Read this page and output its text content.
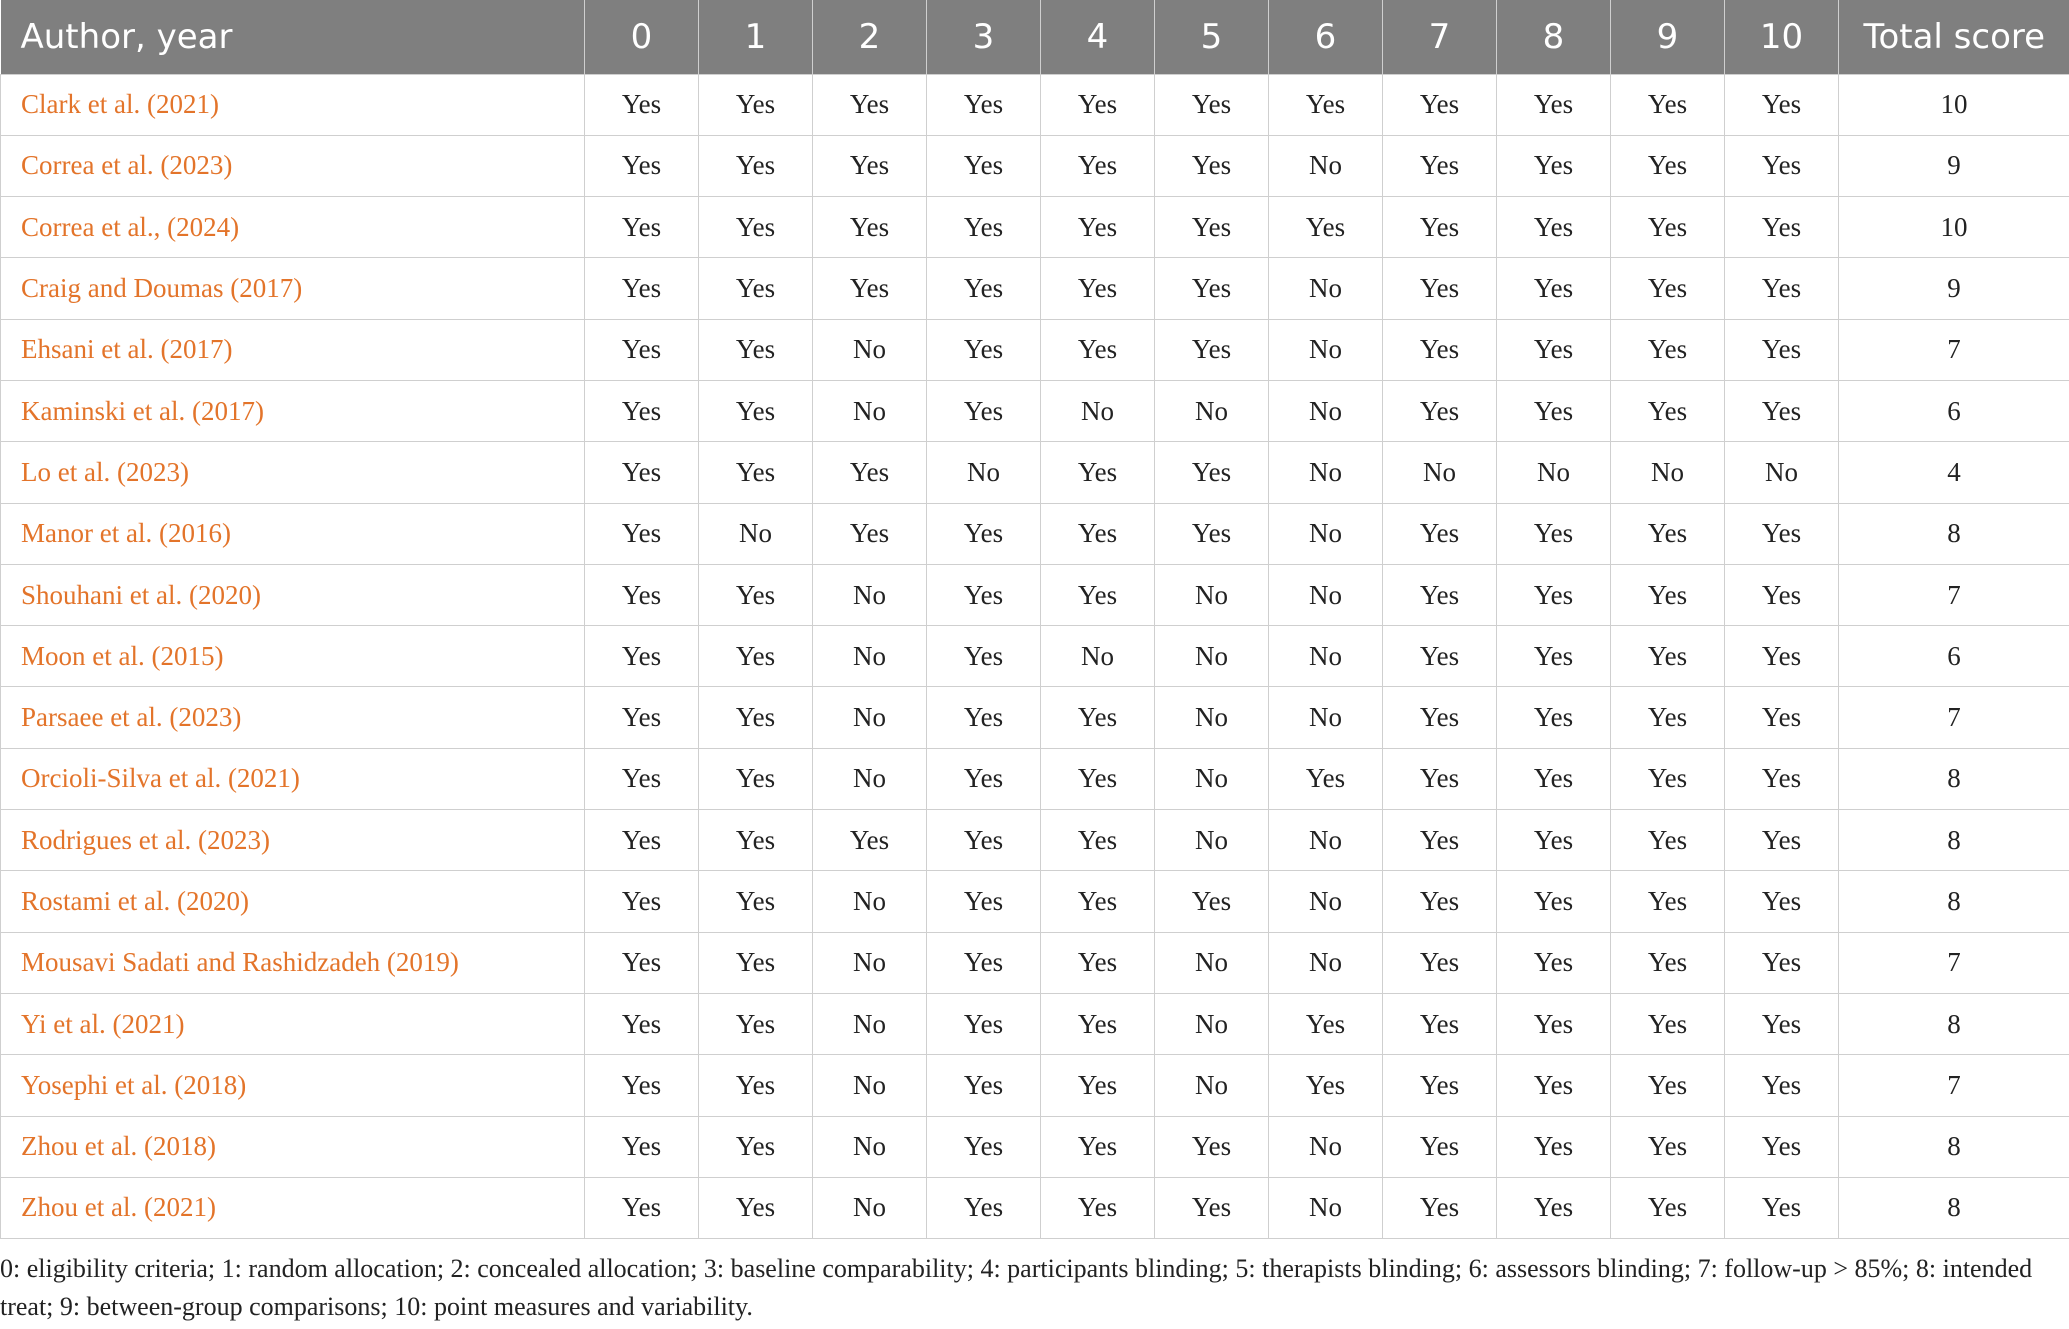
Author, year	0	1	2	3	4	5	6	7	8	9	10	Total score
Clark et al. (2021)	Yes	Yes	Yes	Yes	Yes	Yes	Yes	Yes	Yes	Yes	Yes	10
Correa et al. (2023)	Yes	Yes	Yes	Yes	Yes	Yes	No	Yes	Yes	Yes	Yes	9
Correa et al., (2024)	Yes	Yes	Yes	Yes	Yes	Yes	Yes	Yes	Yes	Yes	Yes	10
Craig and Doumas (2017)	Yes	Yes	Yes	Yes	Yes	Yes	No	Yes	Yes	Yes	Yes	9
Ehsani et al. (2017)	Yes	Yes	No	Yes	Yes	Yes	No	Yes	Yes	Yes	Yes	7
Kaminski et al. (2017)	Yes	Yes	No	Yes	No	No	No	Yes	Yes	Yes	Yes	6
Lo et al. (2023)	Yes	Yes	Yes	No	Yes	Yes	No	No	No	No	No	4
Manor et al. (2016)	Yes	No	Yes	Yes	Yes	Yes	No	Yes	Yes	Yes	Yes	8
Shouhani et al. (2020)	Yes	Yes	No	Yes	Yes	No	No	Yes	Yes	Yes	Yes	7
Moon et al. (2015)	Yes	Yes	No	Yes	No	No	No	Yes	Yes	Yes	Yes	6
Parsaee et al. (2023)	Yes	Yes	No	Yes	Yes	No	No	Yes	Yes	Yes	Yes	7
Orcioli-Silva et al. (2021)	Yes	Yes	No	Yes	Yes	No	Yes	Yes	Yes	Yes	Yes	8
Rodrigues et al. (2023)	Yes	Yes	Yes	Yes	Yes	No	No	Yes	Yes	Yes	Yes	8
Rostami et al. (2020)	Yes	Yes	No	Yes	Yes	Yes	No	Yes	Yes	Yes	Yes	8
Mousavi Sadati and Rashidzadeh (2019)	Yes	Yes	No	Yes	Yes	No	No	Yes	Yes	Yes	Yes	7
Yi et al. (2021)	Yes	Yes	No	Yes	Yes	No	Yes	Yes	Yes	Yes	Yes	8
Yosephi et al. (2018)	Yes	Yes	No	Yes	Yes	No	Yes	Yes	Yes	Yes	Yes	7
Zhou et al. (2018)	Yes	Yes	No	Yes	Yes	Yes	No	Yes	Yes	Yes	Yes	8
Zhou et al. (2021)	Yes	Yes	No	Yes	Yes	Yes	No	Yes	Yes	Yes	Yes	8
0: eligibility criteria; 1: random allocation; 2: concealed allocation; 3: baseline comparability; 4: participants blinding; 5: therapists blinding; 6: assessors blinding; 7: follow-up > 85%; 8: intended treat; 9: between-group comparisons; 10: point measures and variability.
